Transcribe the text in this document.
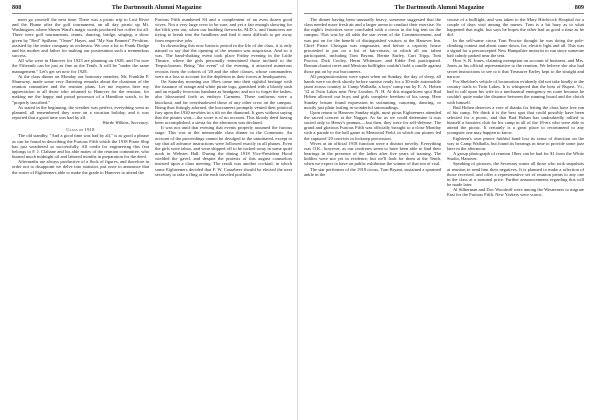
808	The Dartmouth Alumni Magazine

meet go yourself the next time. There was a picnic trip to Lost River and the Flume after the golf tournament, an all day picnic up Mt. Washington, where Sherm Ward's magic words produced hot coffee for all. There were golf tournaments, tennis, dancing, bridge, singing, a show given by "Red" Spillane, "Omer" Hayes, and "My Son Emmett" Pe-shine, assisted by the entire company as orchestra. We owe a lot to Frank Dodge and his mother and father for making our postreunion such a tremendous success.

All who were in Hanover for 1923 are planning on 1928, and I'm sure the Fifteenth can be just as fine as the Tenth. It will be "under the same management." Let's get set now for 1928.

At the class dinner on Monday our honorary member, Mr. Franklin P. Shumway, made some very flattering remarks about the chairman of the reunion committee and the reunion plans. Let me express here my appreciation to all those who returned to Hanover for the reunion, for making me the happy and proud possessor of a Hamilton watch, to be "properly inscribed."

As stated in the beginning, the weather was perfect, everything went as planned, all remembered they were on a vacation holiday, and it was reported that a good time was had by all.

Warde Wilkins, Secretary.

Class of 1918

The old standby, "And a good time was had by all," is as good a phrase as can be found in describing the Furious Fifth which the 1918 Pirate Ship has just weathered so successfully. All credit for engineering this feat belongs to F. J. Clahane and his able mates of the reunion committee, who burned much midnight oil and labored months in preparation for the deed.

Aftermaths are always productive of a flock of figures, and therefore in order not to disappoint we delve into statistics just once to announce that the roster of Eighteeners able to make the grade to Hanover to attend the

Furious Fifth numbered 84 and a complement of an even dozen good wives. Not a very large crew to be sure, and yet a fair enough showing for the fifth year out, when our budding fireworks, M.D.'s, and financiers are trying to break into the headlines and find it most difficult to get away from respective jobs.

In chronicling this now historic period in the life of the class, it is only natural to say that the opening of the reunion was auspicious. And so it was. The band-shaking event took place Friday evening in the Little Theatre, where the girls personally entertained those inclined to the Terpsichorean. Being "the event" of the evening, it attracted numerous recruits from the cohorts of '20 and the other classes, whose commanders were at a loss to account for the depletion in their forces at headquarters.

On Saturday morning our 18ers came into their rightful heritage with the issuance of orange and white pirate togs, garnished with a bloody sash and an equally ferocious bandana as headgear; and not to forget the lashes, also blossomed forth as embryo Carmens. These uniforms were a knockout, and far overshadowed those of any other crew on the campus. Being thus fittingly adorned, the buccaneers promptly vented their piratical fury upon the 1920 newbies in a tilt on the diamond. It goes without saying that the pirates won,—the score is of no account. This bloody deed having been accomplished, a siesta for the afternoon was declared.

It was not until that evening that events properly assumed the furious stage. This was at the memorable class dinner in the Commons. An account of the proceedings cannot be divulged to the uninitiated, except to say that all advance instructions were followed exactly in all phases. Even the girls were taboo, and were shipped off to be tucked away in some quiet nook in Webster Hall. During the dining 1918 Vice-President Hood wielded the gavel, and despite the protests of this august counselors insisted upon a class meeting. The result was another cocktail, in which some Eighteeners decided that F. W. Cassebeer should be elected the next secretary to take a fling at the each traveled portfolio.

The Dartmouth Alumni Magazine	809

The dinner having been unusually heavy, someone suggested that the class needed more fresh air and a larger arena to conduct their exercise. So the night's festivities were concluded with a circus in the big tent on the campus. This was by all odds the star event of the Commencement, and was put on for the benefit of distinguished visitors at the Hanover Inn. Chief Pirate Chrisgau was ringmaster, and before a capacity house proceeded to put on a list of fair-raisers, in which all our talent participated, including Tom Bryant, Bernie Earley, Curt Tripp, Tom Proctor, Dick Cooley, Herm Whitmore, and Eddie Feit participated. Roman chariot races and Mexican bullfights couldn't hold a candle against those put on by our buccaneers.

All prognostications were upset when on Sunday, the day of sleep, all hands were on deck shortly before sunrise ready for a 30-mile automobile jaunt across country to Camp Walhalla, a boys' camp run by E. A. Hoben '12 at Twin Lakes near New London, N. H. At this magnificent spot Bud Hoben allowed our boys and girls complete freedom of his camp. Here Sunday leisure found expression in swimming, canoeing, dancing, or mostly just plain loafing in wonderful surroundings.

Upon return to Hanover Sunday night, most pious Eighteeners attended the sacred concert at the Nugget. As far as we could determine it was sacred only to Henry's peanuts,—but then, they were for self-defense. The grand and glorious Furious Fifth was officially brought to a close Monday with a parade to the ball game at Memorial Field, in which our pirates led the captured '20 convicts in lockstep procession.

Wives at an official 1918 function were a distinct novelty. Everything was O.K., however, as our confreres seem to have been able to find their bearings in the presence of the ladies after five years of training. The kiddies were not yet in evidence, but we'll look for them at the Tenth, when we expect to have on public exhibition the winner of that ton of coal.

The star performer of the 1918 circus, Tom Bryant, sustained a sprained ankle in the

course of a bullfight, and was taken to the Mary Hitchcock Hospital for a couple of days visit among the nurses. Tom is a bit hazy as to what happened that night, but says he hopes the other had as good a time as he did.

In the self-same circus Tom Proctor thought he was doing the pole-climbing contest and about came down, for, electric light and all. This was a signal for a preconcepted New Hampshire motorist to run since someone had calmly parked near the tent.

Hon. S. R. Jones, claiming exemption on account of business, and Mrs. Jones as his official representative to the reunion. We believe she also had secret instructions to see to it that Treasurer Earley kept to the straight and narrow.

For Sheldon's vehicle of locomotion evidently did not take kindly to the country trails to Twin Lakes. It is whispered that the boss of Rupert, Vt., had to call upon his wife in a mechanical emergency en route because he couldn't quite make the distance between the running board and the clutch with himself.

Bud Hoben deserves a vote of thanks for letting the class have free run of his camp. We think it is the best spot that could possibly have been selected for a picnic, and that Bud Hoban has undoubtedly rallied to himself a boosters club for his camp in all of the 18-ers who were able to attend the picnic. It certainly is a great place to recommend to any youngster one may happen to know.

Eighteen's own prince faithful band lost its sense of direction on the way to Camp Walhalla, but found its bearings in time to provide some jazz later in the afternoon.

A group photograph of reunion 18ers can be had for $1 from the White Studio, Hanover.

Speaking of pictures, the Secretary wants all those who took snapshots at reunion to send him their negatives. It is planned to make a selection of those received, and offer a representative set of reunion prints to any one in the class at a nominal price. Further announcements regarding this will be made later.

Al Silberman and Doc Woodruff were among the Westerners to migrate East for the Furious Fifth. New Yorkers were scarce,
